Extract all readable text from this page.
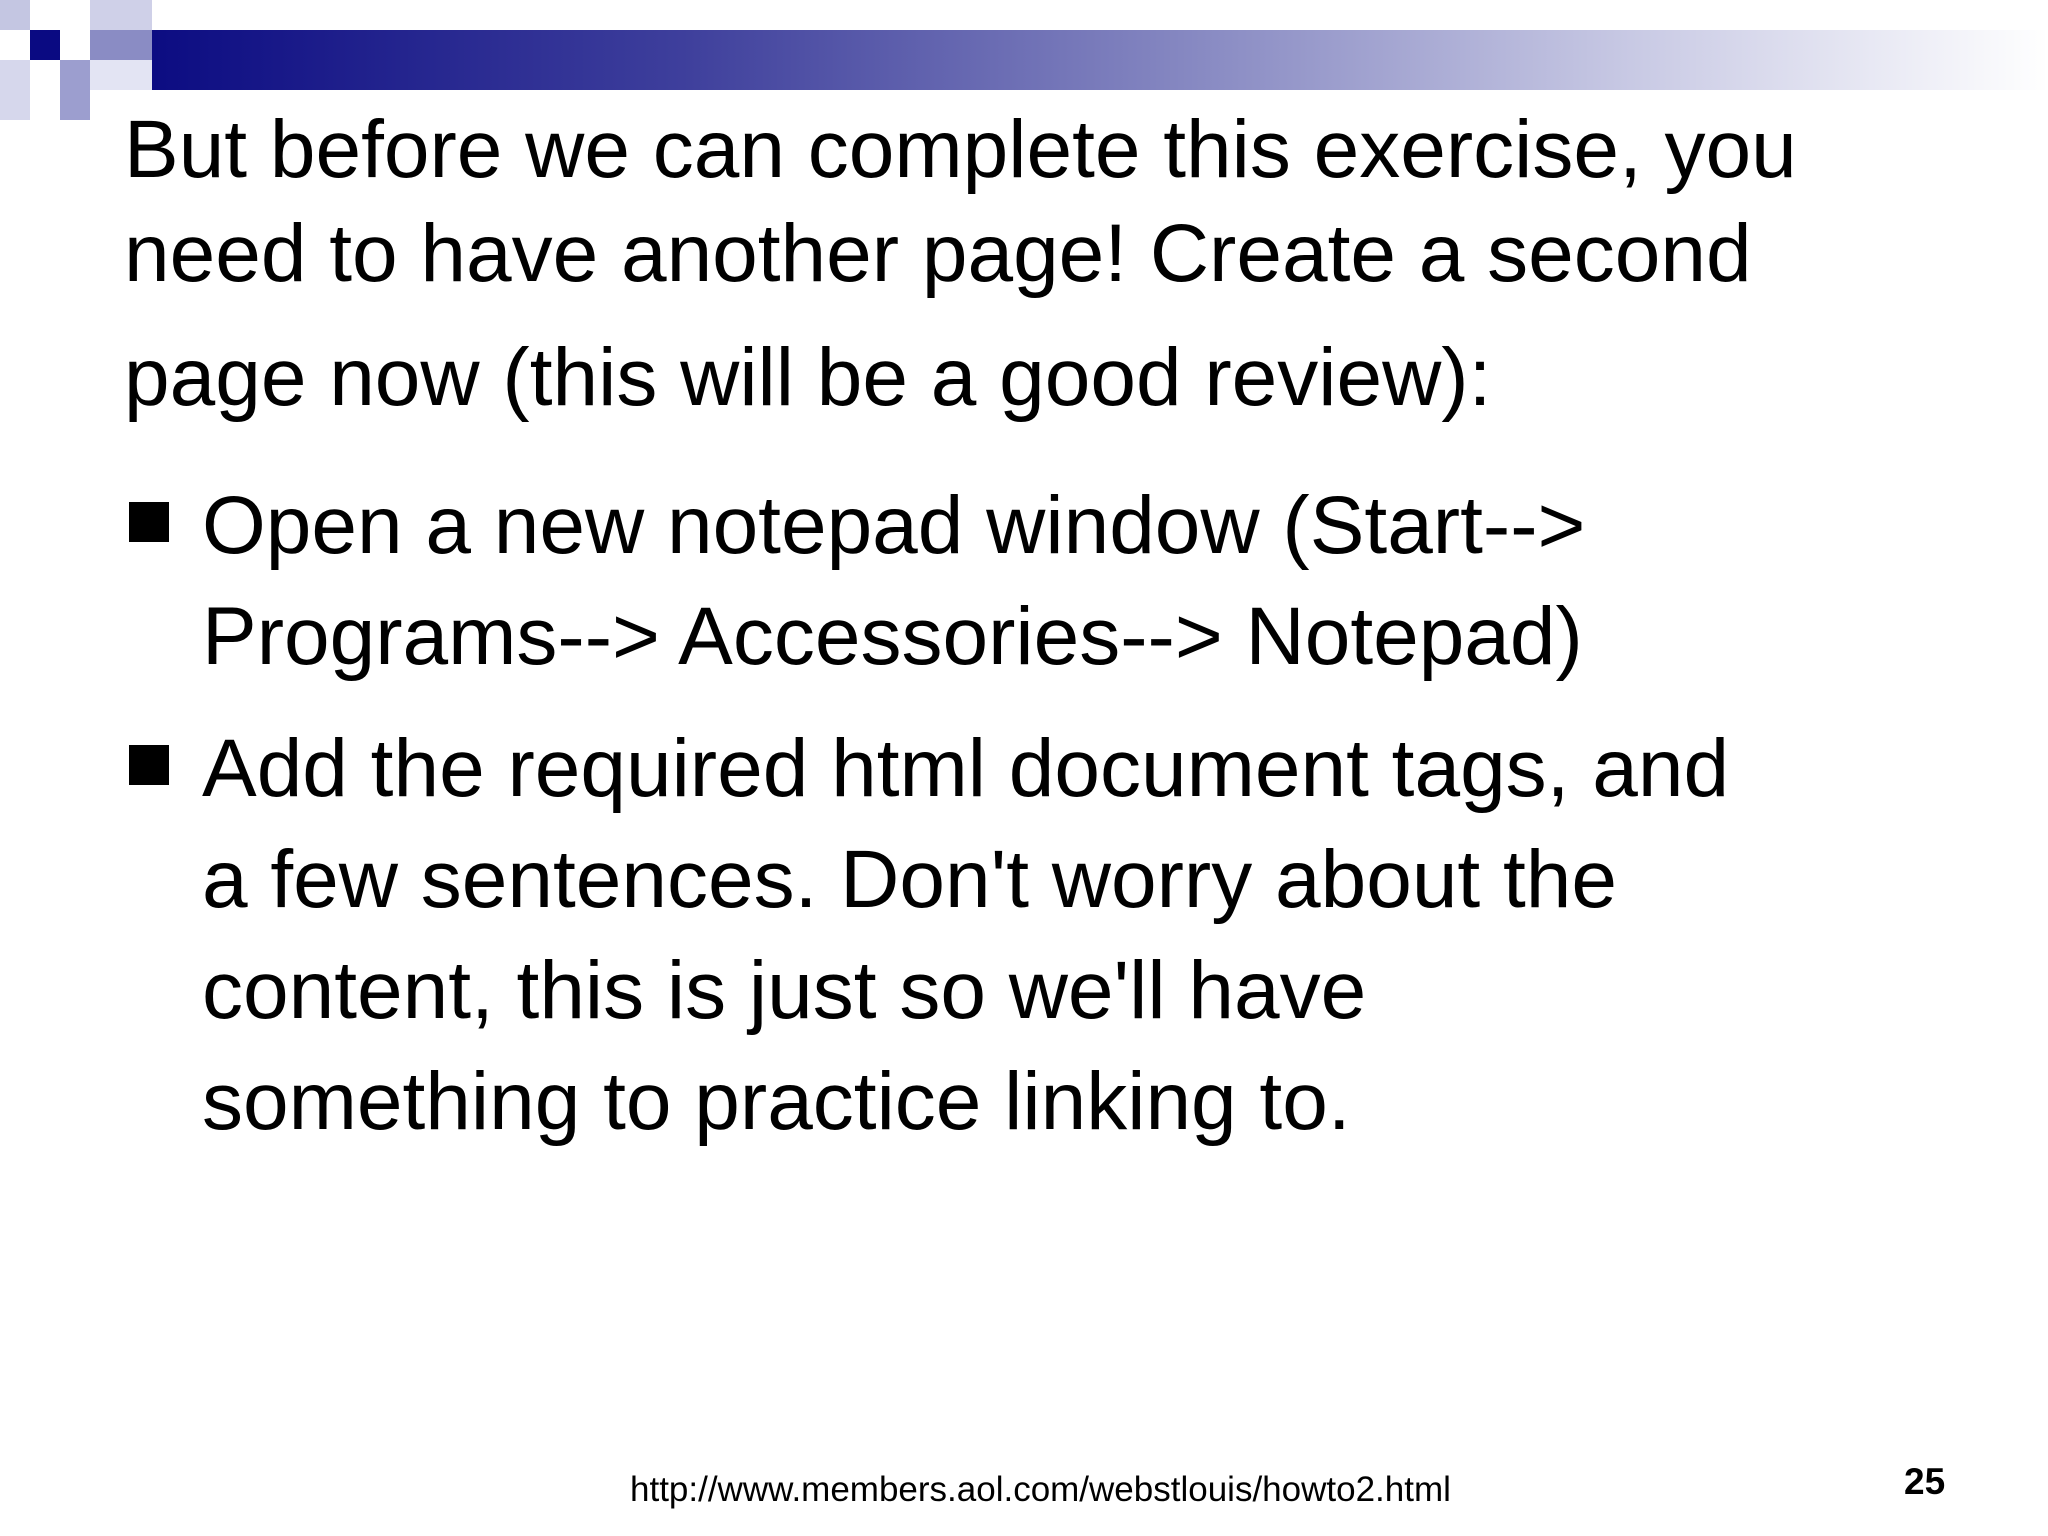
But before we can complete this exercise, you
need to have another page! Create a second
page now (this will be a good review):
Open a new notepad window (Start-->
Programs--> Accessories--> Notepad)
Add the required html document tags, and
a few sentences. Don't worry about the
content, this is just so we'll have
something to practice linking to.
http://www.members.aol.com/webstlouis/howto2.html	25
